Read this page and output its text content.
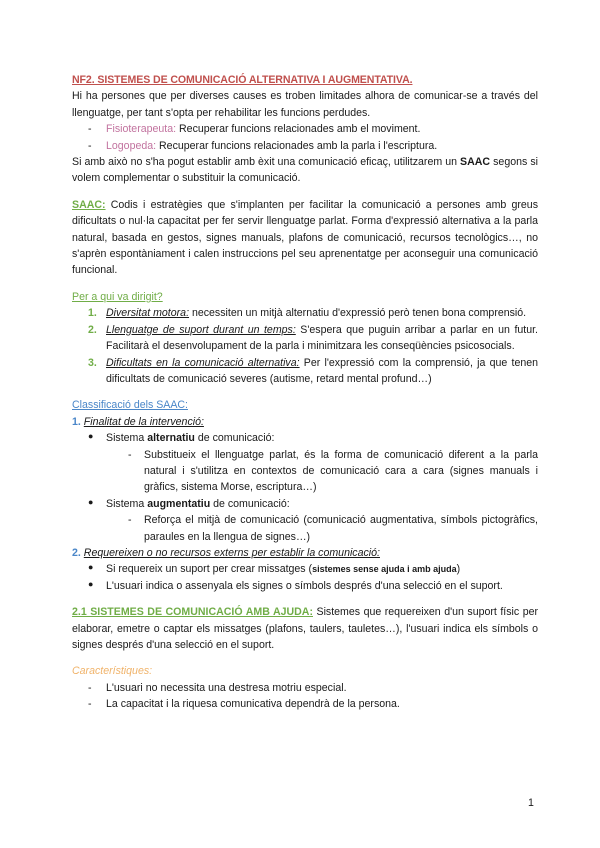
NF2. SISTEMES DE COMUNICACIÓ ALTERNATIVA I AUGMENTATIVA.

Hi ha persones que per diverses causes es troben limitades alhora de comunicar-se a través del llenguatge, per tant s'opta per rehabilitar les funcions perdudes.

- Fisioterapeuta: Recuperar funcions relacionades amb el moviment.
- Logopeda: Recuperar funcions relacionades amb la parla i l'escriptura.

Si amb això no s'ha pogut establir amb èxit una comunicació eficaç, utilitzarem un SAAC segons si volem complementar o substituir la comunicació.

SAAC: Codis i estratègies que s'implanten per facilitar la comunicació a persones amb greus dificultats o nul·la capacitat per fer servir llenguatge parlat. Forma d'expressió alternativa a la parla natural, basada en gestos, signes manuals, plafons de comunicació, recursos tecnològics…, no s'aprèn espontàniament i calen instruccions pel seu aprenentatge per aconseguir una comunicació funcional.

Per a qui va dirigit?

1. Diversitat motora: necessiten un mitjà alternatiu d'expressió però tenen bona comprensió.
2. Llenguatge de suport durant un temps: S'espera que puguin arribar a parlar en un futur. Facilitarà el desenvolupament de la parla i minimitzara les conseqüències psicosocials.
3. Dificultats en la comunicació alternativa: Per l'expressió com la comprensió, ja que tenen dificultats de comunicació severes (autisme, retard mental profund…)

Classificació dels SAAC:

1. Finalitat de la intervenció:

● Sistema alternatiu de comunicació:
- Substitueix el llenguatge parlat, és la forma de comunicació diferent a la parla natural i s'utilitza en contextos de comunicació cara a cara (signes manuals i gràfics, sistema Morse, escriptura…)
● Sistema augmentatiu de comunicació:
- Reforça el mitjà de comunicació (comunicació augmentativa, símbols pictogràfics, paraules en la llengua de signes…)

2. Requereixen o no recursos externs per establir la comunicació:

● Si requereix un suport per crear missatges (sistemes sense ajuda i amb ajuda)
● L'usuari indica o assenyala els signes o símbols després d'una selecció en el suport.

2.1 SISTEMES DE COMUNICACIÓ AMB AJUDA: Sistemes que requereixen d'un suport físic per elaborar, emetre o captar els missatges (plafons, taulers, tauletes…), l'usuari indica els símbols o signes després d'una selecció en el suport.

Característiques:

- L'usuari no necessita una destresa motriu especial.
- La capacitat i la riquesa comunicativa dependrà de la persona.
1
